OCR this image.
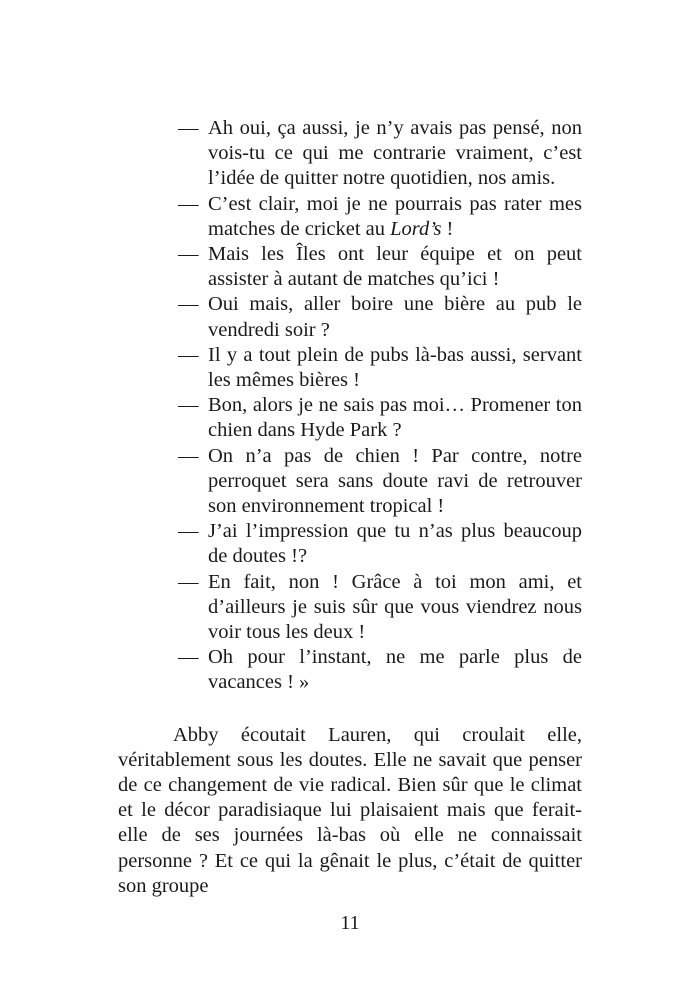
— Ah oui, ça aussi, je n’y avais pas pensé, non vois-tu ce qui me contrarie vraiment, c’est l’idée de quitter notre quotidien, nos amis.
— C’est clair, moi je ne pourrais pas rater mes matches de cricket au Lord’s !
— Mais les Îles ont leur équipe et on peut assister à autant de matches qu’ici !
— Oui mais, aller boire une bière au pub le vendredi soir ?
— Il y a tout plein de pubs là-bas aussi, servant les mêmes bières !
— Bon, alors je ne sais pas moi… Promener ton chien dans Hyde Park ?
— On n’a pas de chien ! Par contre, notre perroquet sera sans doute ravi de retrouver son environnement tropical !
— J’ai l’impression que tu n’as plus beaucoup de doutes !?
— En fait, non ! Grâce à toi mon ami, et d’ailleurs je suis sûr que vous viendrez nous voir tous les deux !
— Oh pour l’instant, ne me parle plus de vacances ! »

Abby écoutait Lauren, qui croulait elle, véritablement sous les doutes. Elle ne savait que penser de ce changement de vie radical. Bien sûr que le climat et le décor paradisiaque lui plaisaient mais que ferait-elle de ses journées là-bas où elle ne connaissait personne ? Et ce qui la gênait le plus, c’était de quitter son groupe

11
